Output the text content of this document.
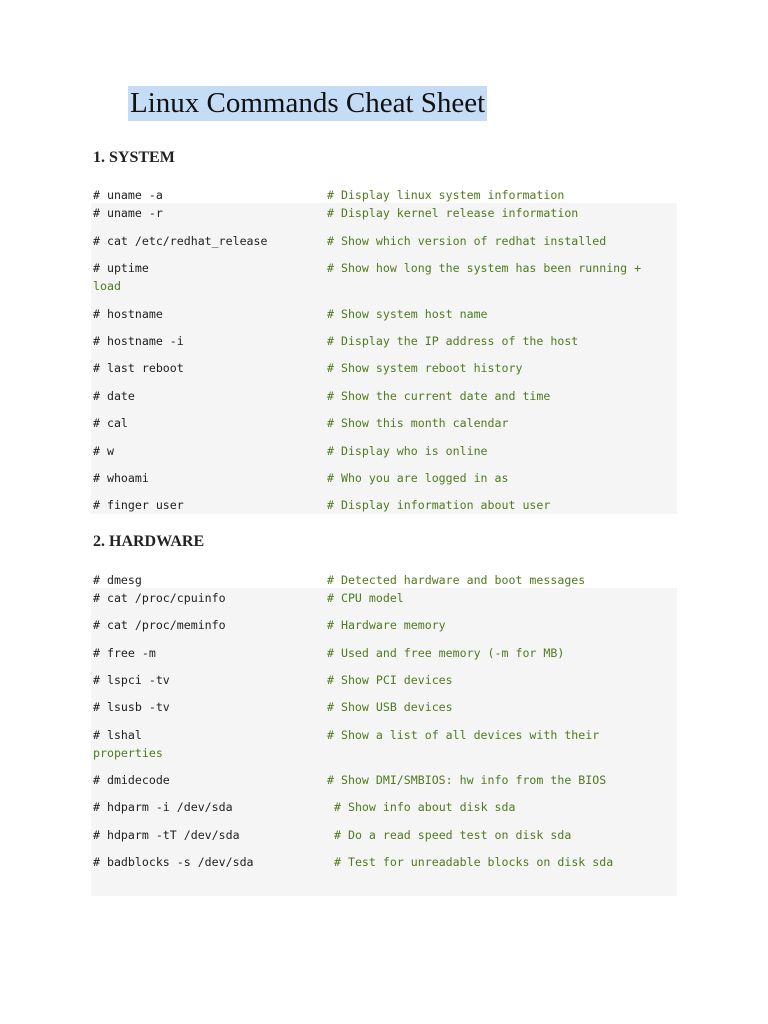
Linux Commands Cheat Sheet
1. SYSTEM
2. HARDWARE
# uname -a	# Display linux system information
# uname -r	# Display kernel release information
# cat /etc/redhat_release	# Show which version of redhat installed
# uptime	# Show how long the system has been running +
load
# hostname	# Show system host name
# hostname -i	# Display the IP address of the host
# last reboot	# Show system reboot history
# date	# Show the current date and time
# cal	# Show this month calendar
# w	# Display who is online
# whoami	# Who you are logged in as
# finger user	# Display information about user
# dmesg	# Detected hardware and boot messages
# cat /proc/cpuinfo	# CPU model
# cat /proc/meminfo	# Hardware memory
# free -m	# Used and free memory (-m for MB)
# lspci -tv	# Show PCI devices
# lsusb -tv	# Show USB devices
# lshal	# Show a list of all devices with their
properties
# dmidecode	# Show DMI/SMBIOS: hw info from the BIOS
# hdparm -i /dev/sda	# Show info about disk sda
# hdparm -tT /dev/sda	# Do a read speed test on disk sda
# badblocks -s /dev/sda	# Test for unreadable blocks on disk sda
